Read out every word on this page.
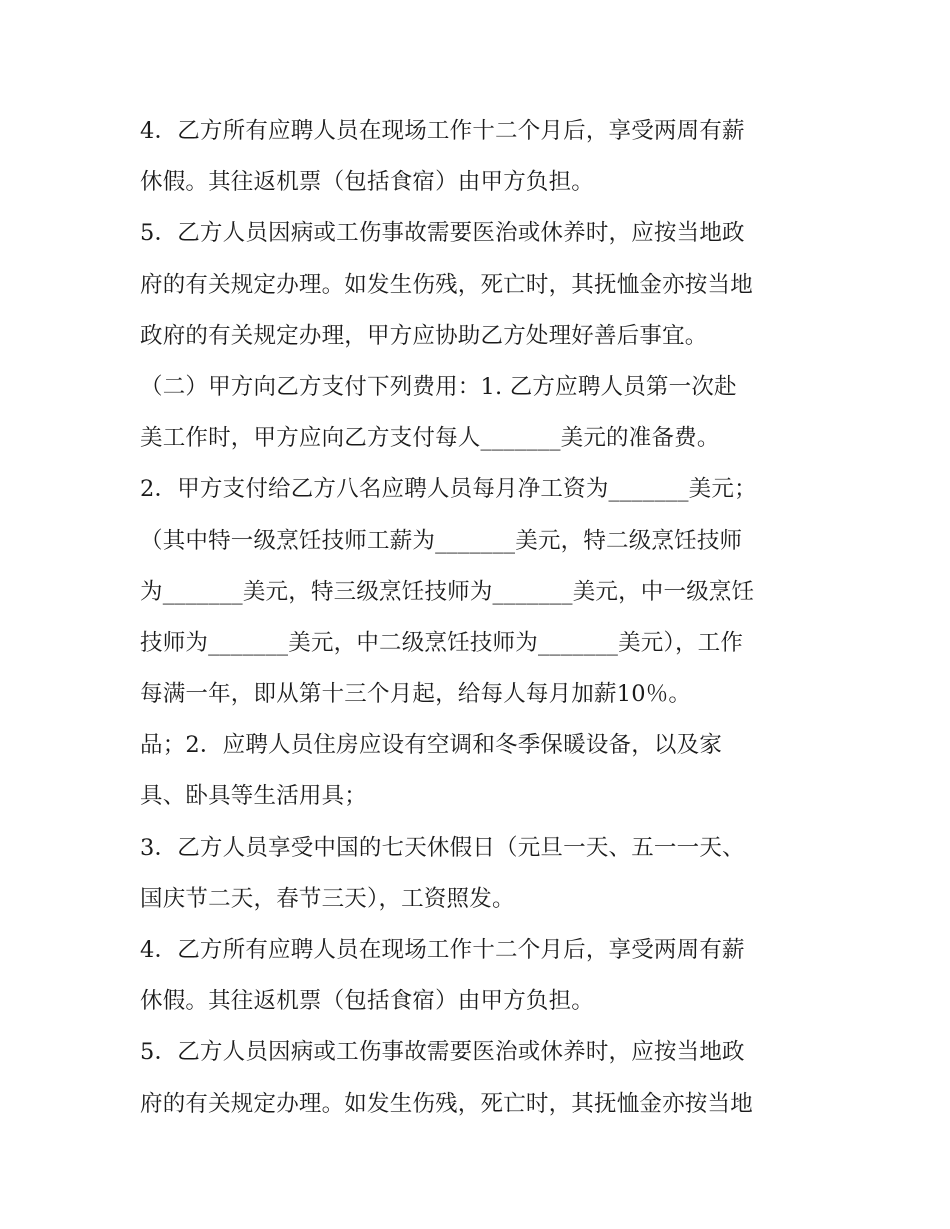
4．乙方所有应聘人员在现场工作十二个月后，享受两周有薪
休假。其往返机票（包括食宿）由甲方负担。
5．乙方人员因病或工伤事故需要医治或休养时，应按当地政
府的有关规定办理。如发生伤残，死亡时，其抚恤金亦按当地
政府的有关规定办理，甲方应协助乙方处理好善后事宜。
（二）甲方向乙方支付下列费用：1. 乙方应聘人员第一次赴
美工作时，甲方应向乙方支付每人_______美元的准备费。
2．甲方支付给乙方八名应聘人员每月净工资为_______美元；
（其中特一级烹饪技师工薪为_______美元，特二级烹饪技师
为_______美元，特三级烹饪技师为_______美元，中一级烹饪
技师为_______美元，中二级烹饪技师为_______美元），工作
每满一年，即从第十三个月起，给每人每月加薪10％。
品；2．应聘人员住房应设有空调和冬季保暖设备，以及家
具、卧具等生活用具；
3．乙方人员享受中国的七天休假日（元旦一天、五一一天、
国庆节二天，春节三天），工资照发。
4．乙方所有应聘人员在现场工作十二个月后，享受两周有薪
休假。其往返机票（包括食宿）由甲方负担。
5．乙方人员因病或工伤事故需要医治或休养时，应按当地政
府的有关规定办理。如发生伤残，死亡时，其抚恤金亦按当地
